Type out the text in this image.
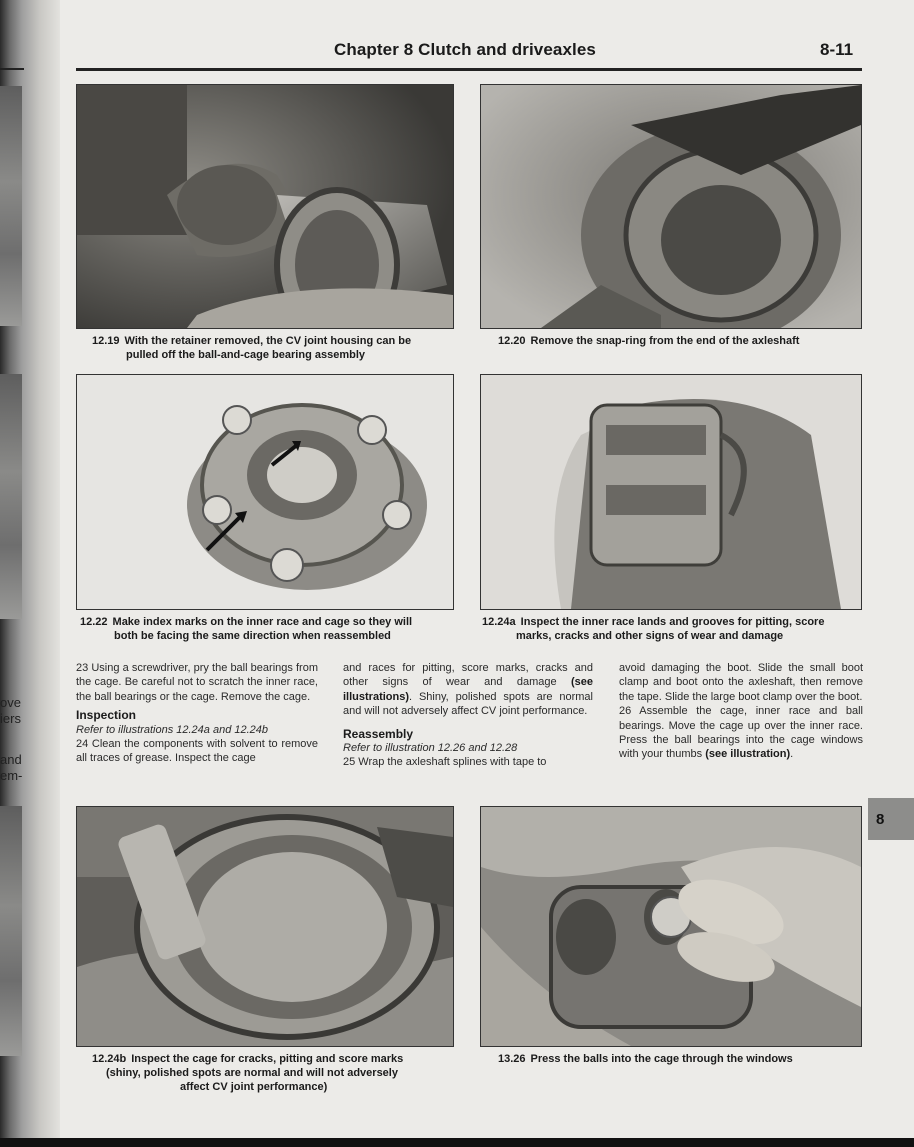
ove
iers
and
em-
Chapter 8 Clutch and driveaxles	8-11
12.19 With the retainer removed, the CV joint housing can be
pulled off the ball-and-cage bearing assembly
12.20 Remove the snap-ring from the end of the axleshaft
12.22 Make index marks on the inner race and cage so they will
both be facing the same direction when reassembled
12.24a Inspect the inner race lands and grooves for pitting, score
marks, cracks and other signs of wear and damage

23 Using a screwdriver, pry the ball bearings from the cage. Be careful not to scratch the inner race, the ball bearings or the cage. Remove the cage.

Inspection

Refer to illustrations 12.24a and 12.24b

24 Clean the components with solvent to remove all traces of grease. Inspect the cage

and races for pitting, score marks, cracks and other signs of wear and damage (see illustrations). Shiny, polished spots are normal and will not adversely affect CV joint performance.

Reassembly

Refer to illustration 12.26 and 12.28

25 Wrap the axleshaft splines with tape to

avoid damaging the boot. Slide the small boot clamp and boot onto the axleshaft, then remove the tape. Slide the large boot clamp over the boot.

26 Assemble the cage, inner race and ball bearings. Move the cage up over the inner race. Press the ball bearings into the cage windows with your thumbs (see illustration).

8
12.24b Inspect the cage for cracks, pitting and score marks
(shiny, polished spots are normal and will not adversely
affect CV joint performance)
13.26 Press the balls into the cage through the windows
